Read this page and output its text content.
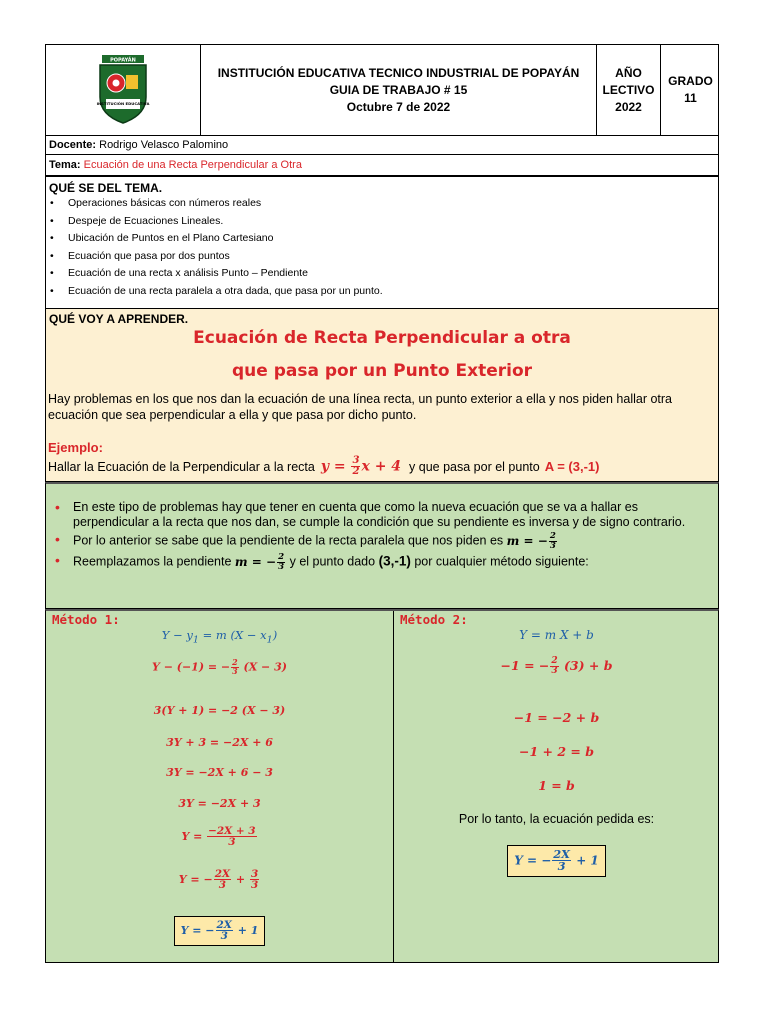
POPAYÁN
INSTITUCIÓN EDUCATIVA
INSTITUCIÓN EDUCATIVA TECNICO INDUSTRIAL DE POPAYÁN
GUIA DE TRABAJO # 15
Octubre 7 de 2022
AÑO
LECTIVO
2022
GRADO
11
Docente:
Rodrigo Velasco Palomino
Tema:
Ecuación de una Recta Perpendicular a Otra
QUÉ SE DEL TEMA.
• Operaciones básicas con números reales
• Despeje de Ecuaciones Lineales.
• Ubicación de Puntos en el Plano Cartesiano
• Ecuación que pasa por dos puntos
• Ecuación de una recta x análisis Punto – Pendiente
• Ecuación de una recta paralela a otra dada, que pasa por un punto.
QUÉ VOY A APRENDER.
Ecuación de Recta Perpendicular a otra
que pasa por un Punto Exterior
Hay problemas en los que nos dan la ecuación de una línea recta, un punto exterior a ella y nos piden hallar otra ecuación que sea perpendicular a ella y que pasa por dicho punto.
Ejemplo:
Hallar la Ecuación de la Perpendicular a la recta $y = \frac{3}{2}$ x + 4 y que pasa por el punto A = (3,-1)
• En este tipo de problemas hay que tener en cuenta que como la nueva ecuación que se va a hallar es perpendicular a la recta que nos dan, se cumple la condición que su pendiente es inversa y de signo contrario.
• Por lo anterior se sabe que la pendiente de la recta paralela que nos piden es m = − $\frac{2}{3}$
• Reemplazamos la pendiente m = − $\frac{2}{3}$ y el punto dado (3,-1) por cualquier método siguiente:
Método 1:
$Y - y_1 = m$ $(X - x_1)$
Y − (−1) = − $\frac{2}{3} (X - 3)$
3(Y + 1) = −2 (X − 3)
3Y + 3 = −2X + 6
3Y = −2X + 6 − 3
3Y = −2X + 3
$Y = \frac{-2X + 3}{3}$
Y = − $\frac{2X}{3} + \frac{3}{3}$
Y = − $\frac{2X}{3} + 1$
Método 2:
Y = m X + b
−1 = − $\frac{2}{3} (3) + b$
−1 = −2 + b
−1 + 2 = b
1 = b
Por lo tanto, la ecuación pedida es:
Y = − $\frac{2X}{3} + 1$
